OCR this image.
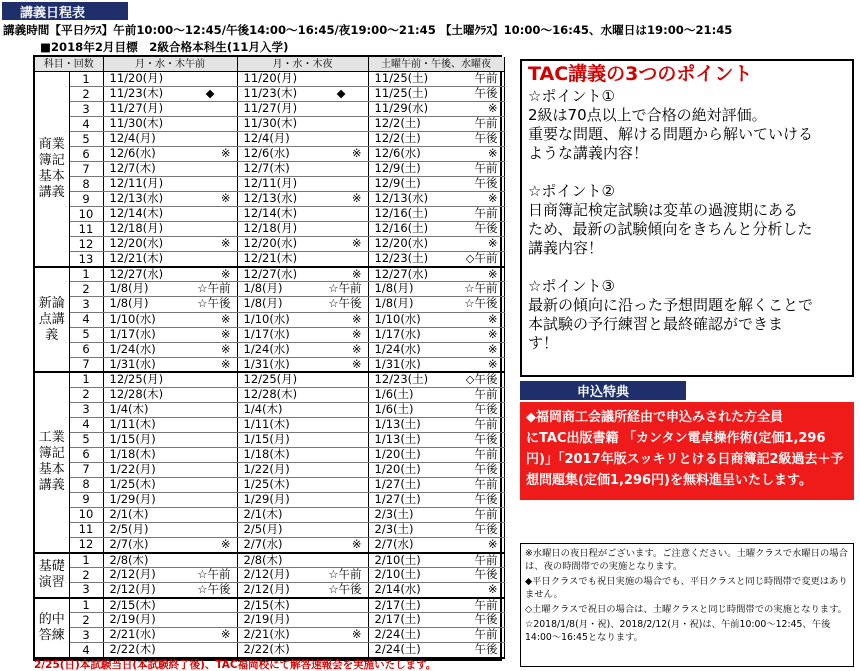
講義日程表
講義時間【平日ｸﾗｽ】午前10:00～12:45/午後14:00～16:45/夜19:00～21:45 【土曜ｸﾗｽ】10:00～16:45、水曜日は19:00～21:45
■2018年2月目標　2級合格本科生(11月入学)
科目・回数		月・水・木午前	月・水・木夜	土曜午前・午後、水曜夜
商業簿記 基本講義	1	11/20(月)	11/20(月)	11/25(土) 午前

	2	11/23(木) ◆	11/23(木) ◆	11/25(土) 午後

	3	11/27(月)	11/27(月)	11/29(水) ※

	4	11/30(木)	11/30(木)	12/2(土) 午前

	5	12/4(月)	12/4(月)	12/2(土) 午後

	6	12/6(水) ※	12/6(水) ※	12/6(水) ※

	7	12/7(木)	12/7(木)	12/9(土) 午前

	8	12/11(月)	12/11(月)	12/9(土) 午後

	9	12/13(水) ※	12/13(水) ※	12/13(水) ※

	10	12/14(木)	12/14(木)	12/16(土) 午前

	11	12/18(月)	12/18(月)	12/16(土) 午後

	12	12/20(水) ※	12/20(水) ※	12/20(水) ※

	13	12/21(木)	12/21(木)	12/23(土) ◇午前

新論点講義	1	12/27(水) ※	12/27(水) ※	12/27(水) ※

	2	1/8(月) ☆午前	1/8(月) ☆午前	1/8(月) ☆午前

	3	1/8(月) ☆午後	1/8(月) ☆午後	1/8(月) ☆午後

	4	1/10(水) ※	1/10(水) ※	1/10(水) ※

	5	1/17(水) ※	1/17(水) ※	1/17(水) ※

	6	1/24(水) ※	1/24(水) ※	1/24(水) ※

	7	1/31(水) ※	1/31(水) ※	1/31(水) ※

工業簿記 基本講義	1	12/25(月)	12/25(月)	12/23(土) ◇午後

	2	12/28(木)	12/28(木)	1/6(土) 午前

	3	1/4(木)	1/4(木)	1/6(土) 午後

	4	1/11(木)	1/11(木)	1/13(土) 午前

	5	1/15(月)	1/15(月)	1/13(土) 午後

	6	1/18(木)	1/18(木)	1/20(土) 午前

	7	1/22(月)	1/22(月)	1/20(土) 午後

	8	1/25(木)	1/25(木)	1/27(土) 午前

	9	1/29(月)	1/29(月)	1/27(土) 午後

	10	2/1(木)	2/1(木)	2/3(土) 午前

	11	2/5(月)	2/5(月)	2/3(土) 午後

	12	2/7(水) ※	2/7(水) ※	2/7(水) ※

基礎演習	1	2/8(木)	2/8(木)	2/10(土) 午前

	2	2/12(月) ☆午前	2/12(月) ☆午前	2/10(土) 午後

	3	2/12(月) ☆午後	2/12(月) ☆午後	2/14(水) ※

的中答練	1	2/15(木)	2/15(木)	2/17(土) 午前

	2	2/19(月)	2/19(月)	2/17(土) 午後

	3	2/21(水) ※	2/21(水) ※	2/24(土) 午前

	4	2/22(木)	2/22(木)	2/24(土) 午後
2/25(日)本試験当日(本試験終了後)、TAC福岡校にて解答速報会を実施いたします。
TAC講義の3つのポイント

☆ポイント①

2級は70点以上で合格の絶対評価。

重要な問題、解ける問題から解いていける

ような講義内容！

☆ポイント②

日商簿記検定試験は変革の過渡期にある

ため、最新の試験傾向をきちんと分析した

講義内容！

☆ポイント③

最新の傾向に沿った予想問題を解くことで

本試験の予行練習と最終確認ができま

す！

申込特典
◆福岡商工会議所経由で申込みされた方全員
にTAC出版書籍 「カンタン電卓操作術(定価1,296
円)」「2017年版スッキリとける日商簿記2級過去＋予
想問題集(定価1,296円)を無料進呈いたします。

※水曜日の夜日程がございます。ご注意ください。土曜クラスで水曜日の場合は、夜の時間帯での実施となります。

◆平日クラスでも祝日実施の場合でも、平日クラスと同じ時間帯で変更はありません。

◇土曜クラスで祝日の場合は、土曜クラスと同じ時間帯での実施となります。

☆2018/1/8(月・祝)、2018/2/12(月・祝)は、午前10:00～12:45、午後14:00～16:45となります。
